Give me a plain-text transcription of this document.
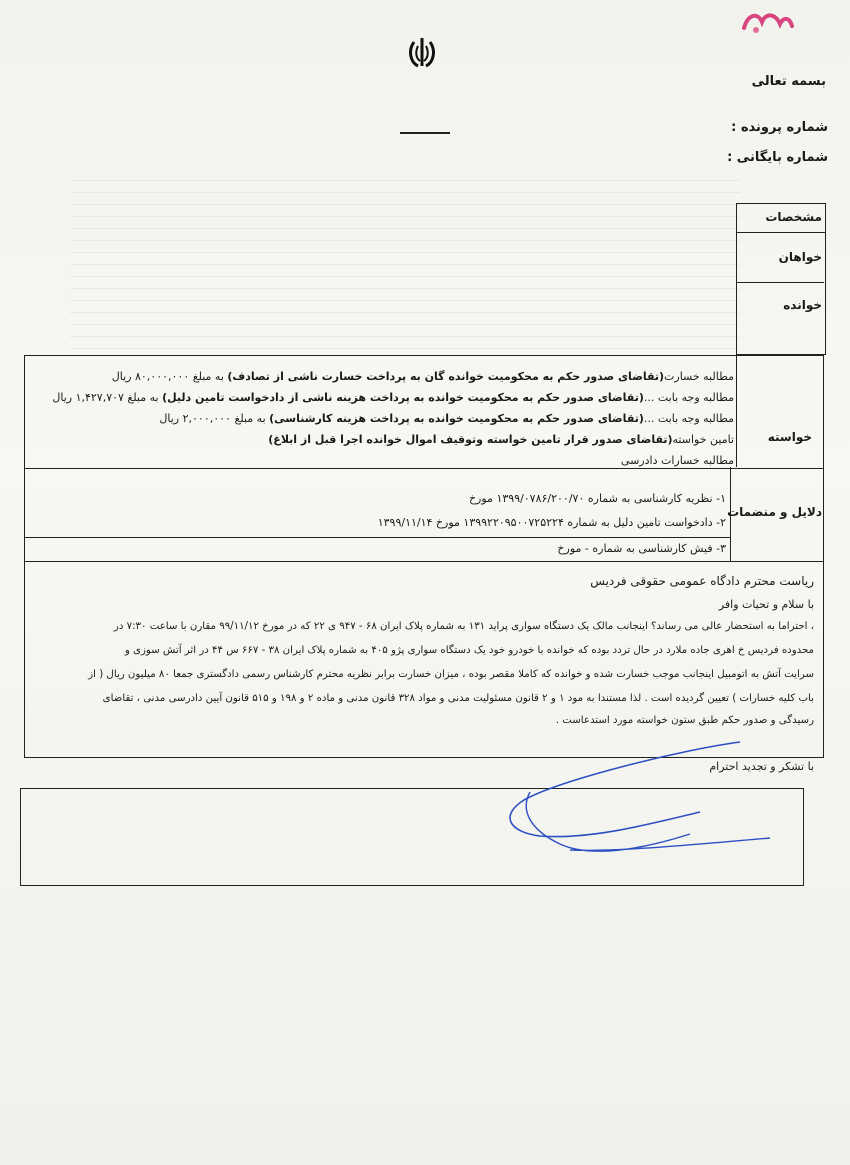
بسمه تعالی
شماره پرونده :
شماره بایگانی :
مشخصات
خواهان
خوانده
خواسته
مطالبه خسارت(تقاضای صدور حکم به محکومیت خوانده گان به پرداخت خسارت ناشی از تصادف) به مبلغ ۸۰,۰۰۰,۰۰۰ ریال
مطالبه وجه بابت ...(تقاضای صدور حکم به محکومیت خوانده به پرداخت هزینه ناشی از دادخواست تامین دلیل) به مبلغ ۱,۴۲۷,۷۰۷ ریال
مطالبه وجه بابت ...(تقاضای صدور حکم به محکومیت خوانده به پرداخت هزینه کارشناسی) به مبلغ ۲,۰۰۰,۰۰۰ ریال
تامین خواسته(تقاضای صدور قرار تامین خواسته وتوقیف اموال خوانده اجرا قبل از ابلاغ)
مطالبه خسارات دادرسی
دلایل و منضمات
۱- نظریه کارشناسی به شماره ۱۳۹۹/۰۷۸۶/۲۰۰/۷۰ مورخ
۲- دادخواست تامین دلیل به شماره ۱۳۹۹۲۲۰۹۵۰۰۷۲۵۲۲۴ مورخ ۱۳۹۹/۱۱/۱۴
۳- فیش کارشناسی به شماره - مورخ
ریاست محترم دادگاه عمومی حقوقی فردیس
با سلام و تحیات وافر
، احتراما به استحضار عالی می رساند؟ اینجانب مالک یک دستگاه سواری پراید ۱۳۱ به شماره پلاک ایران ۶۸ - ۹۴۷ ی ۲۲ که در مورخ ۹۹/۱۱/۱۲ مقارن با ساعت ۷:۳۰ در
محدوده فردیس خ اهری جاده ملارد در حال تردد بوده که خوانده با خودرو خود یک دستگاه سواری پژو ۴۰۵ به شماره پلاک ایران ۳۸ - ۶۶۷ س ۴۴ در اثر آتش سوزی و
سرایت آتش به اتومبیل اینجانب موجب خسارت شده و خوانده که کاملا مقصر بوده ، میزان خسارت برابر نظریه محترم کارشناس رسمی دادگستری جمعا ۸۰ میلیون ریال ( از
باب کلیه خسارات ) تعیین گردیده است . لذا مستندا به مود ۱ و ۲ قانون مسئولیت مدنی و مواد ۳۲۸ قانون مدنی و ماده ۲ و ۱۹۸ و ۵۱۵ قانون آیین دادرسی مدنی ، تقاضای
رسیدگی و صدور حکم طبق ستون خواسته مورد استدعاست .
با تشکر و تجدید احترام
